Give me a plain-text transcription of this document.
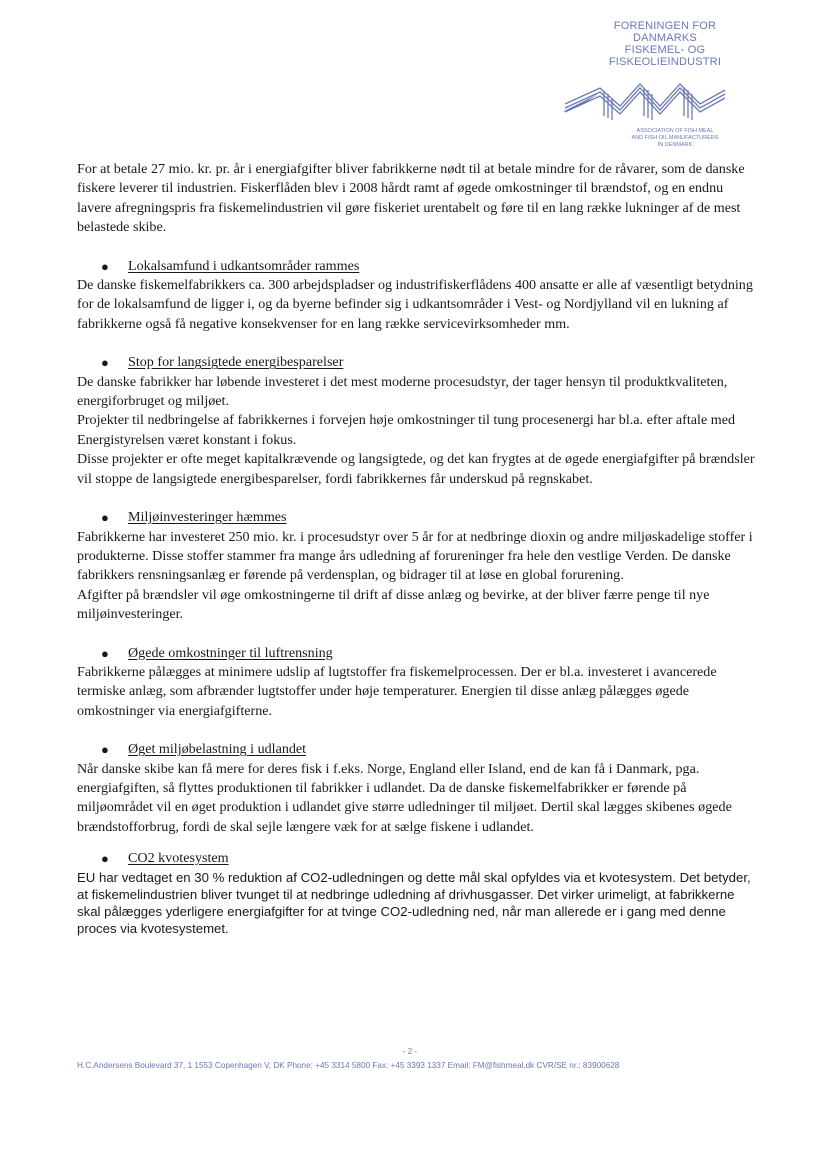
FORENINGEN FOR
DANMARKS
FISKEMEL- OG
FISKEOLIEINDUSTRI
ASSOCIATION OF FISH MEAL
AND FISH OIL MANUFACTURERS
IN DENMARK

For at betale 27 mio. kr. pr. år i energiafgifter bliver fabrikkerne nødt til at betale mindre for de råvarer, som de danske fiskere leverer til industrien. Fiskerflåden blev i 2008 hårdt ramt af øgede omkostninger til brændstof, og en endnu lavere afregningspris fra fiskemelindustrien vil gøre fiskeriet urentabelt og føre til en lang række lukninger af de mest belastede skibe.

● Lokalsamfund i udkantsområder rammes

De danske fiskemelfabrikkers ca. 300 arbejdspladser og industrifiskerflådens 400 ansatte er alle af væsentligt betydning for de lokalsamfund de ligger i, og da byerne befinder sig i udkantsområder i Vest- og Nordjylland vil en lukning af fabrikkerne også få negative konsekvenser for en lang række servicevirksomheder mm.

● Stop for langsigtede energibesparelser

De danske fabrikker har løbende investeret i det mest moderne procesudstyr, der tager hensyn til produktkvaliteten, energiforbruget og miljøet.

Projekter til nedbringelse af fabrikkernes i forvejen høje omkostninger til tung procesenergi har bl.a. efter aftale med Energistyrelsen været konstant i fokus.

Disse projekter er ofte meget kapitalkrævende og langsigtede, og det kan frygtes at de øgede energiafgifter på brændsler vil stoppe de langsigtede energibesparelser, fordi fabrikkernes får underskud på regnskabet.

● Miljøinvesteringer hæmmes

Fabrikkerne har investeret 250 mio. kr. i procesudstyr over 5 år for at nedbringe dioxin og andre miljøskadelige stoffer i produkterne. Disse stoffer stammer fra mange års udledning af forureninger fra hele den vestlige Verden. De danske fabrikkers rensningsanlæg er førende på verdensplan, og bidrager til at løse en global forurening.

Afgifter på brændsler vil øge omkostningerne til drift af disse anlæg og bevirke, at der bliver færre penge til nye miljøinvesteringer.

● Øgede omkostninger til luftrensning

Fabrikkerne pålægges at minimere udslip af lugtstoffer fra fiskemelprocessen. Der er bl.a. investeret i avancerede termiske anlæg, som afbrænder lugtstoffer under høje temperaturer. Energien til disse anlæg pålægges øgede omkostninger via energiafgifterne.

● Øget miljøbelastning i udlandet

Når danske skibe kan få mere for deres fisk i f.eks. Norge, England eller Island, end de kan få i Danmark, pga. energiafgiften, så flyttes produktionen til fabrikker i udlandet. Da de danske fiskemelfabrikker er førende på miljøområdet vil en øget produktion i udlandet give større udledninger til miljøet. Dertil skal lægges skibenes øgede brændstofforbrug, fordi de skal sejle længere væk for at sælge fiskene i udlandet.

● CO2 kvotesystem

EU har vedtaget en 30 % reduktion af CO2-udledningen og dette mål skal opfyldes via et kvotesystem. Det betyder, at fiskemelindustrien bliver tvunget til at nedbringe udledning af drivhusgasser. Det virker urimeligt, at fabrikkerne skal pålægges yderligere energiafgifter for at tvinge CO2-udledning ned, når man allerede er i gang med denne proces via kvotesystemet.

- 2 -
H.C.Andersens Boulevard 37, 1 1553 Copenhagen V, DK Phone: +45 3314 5800 Fax: +45 3393 1337 Email: FM@fishmeal.dk CVR/SE nr.: 83900628
